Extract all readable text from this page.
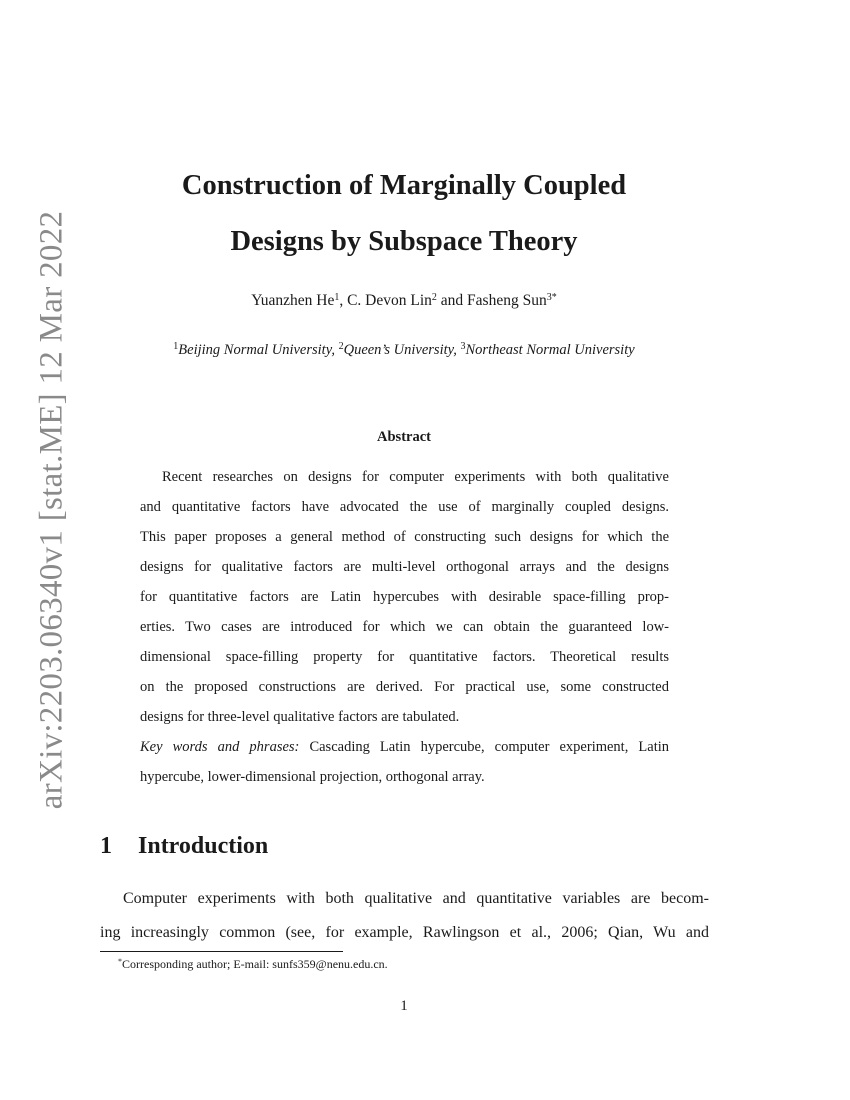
arXiv:2203.06340v1 [stat.ME] 12 Mar 2022
Construction of Marginally Coupled
Designs by Subspace Theory
Yuanzhen He$^1$, C. Devon Lin$^2$ and Fasheng Sun$^{3*}$
$^1$Beijing Normal University, $^2$Queen’s University, $^3$Northeast Normal University
Abstract
Recent researches on designs for computer experiments with both qualitative
and quantitative factors have advocated the use of marginally coupled designs.
This paper proposes a general method of constructing such designs for which the
designs for qualitative factors are multi-level orthogonal arrays and the designs
for quantitative factors are Latin hypercubes with desirable space-filling prop-
erties. Two cases are introduced for which we can obtain the guaranteed low-
dimensional space-filling property for quantitative factors. Theoretical results
on the proposed constructions are derived. For practical use, some constructed
designs for three-level qualitative factors are tabulated.
Key words and phrases: Cascading Latin hypercube, computer experiment, Latin
hypercube, lower-dimensional projection, orthogonal array.
1 Introduction
Computer experiments with both qualitative and quantitative variables are becom-
ing increasingly common (see, for example, Rawlingson et al., 2006; Qian, Wu and
*Corresponding author; E-mail: sunfs359@nenu.edu.cn.
1
